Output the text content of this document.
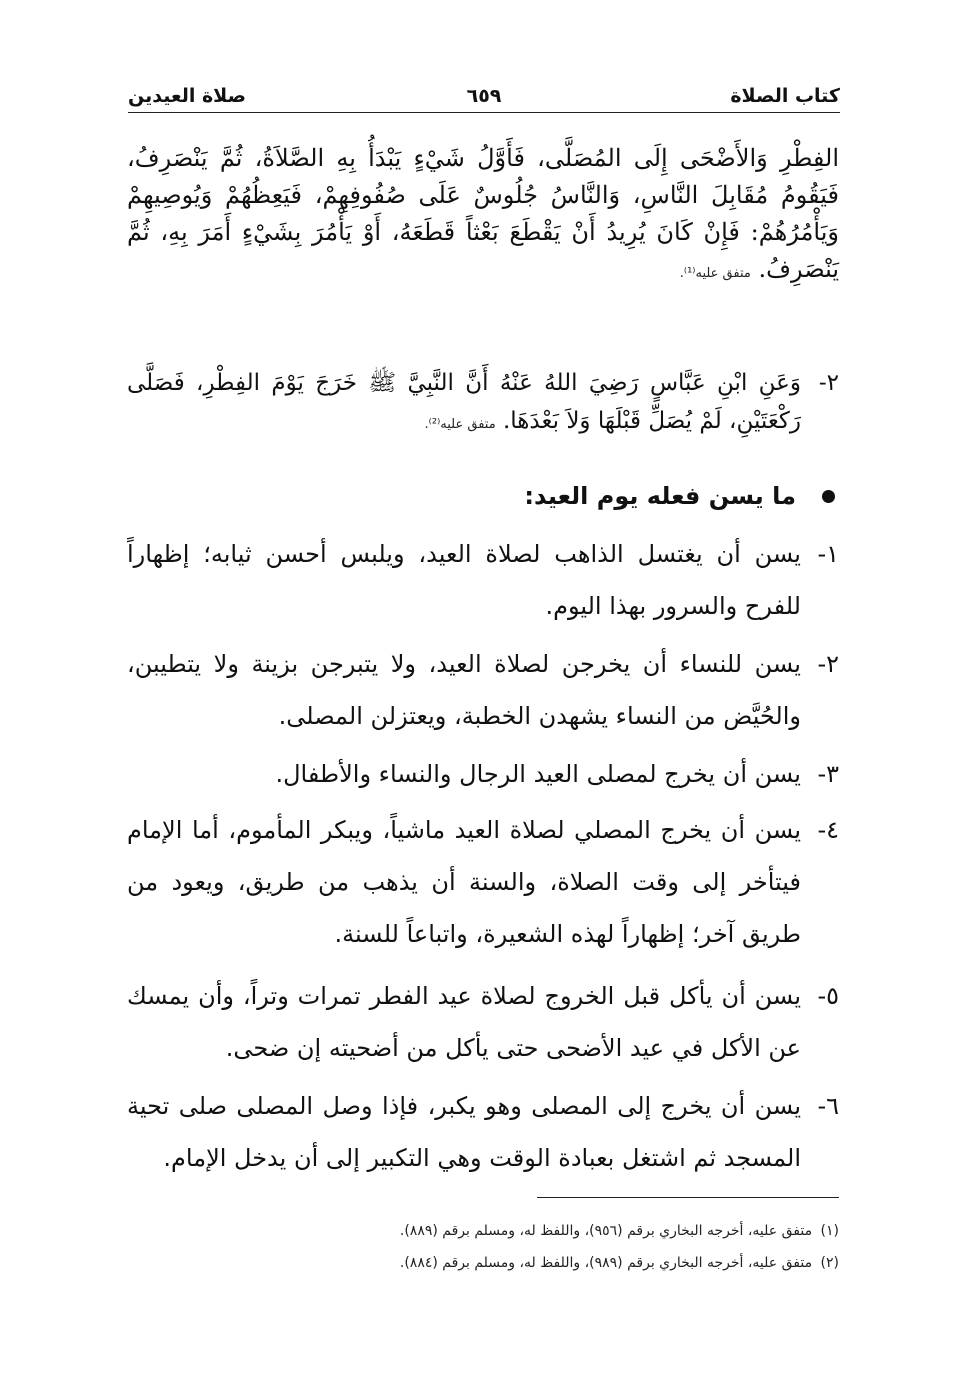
كتاب الصلاة
٦٥٩
صلاة العيدين
الفِطْرِ وَالأَضْحَى إِلَى المُصَلَّى، فَأَوَّلُ شَيْءٍ يَبْدَأُ بِهِ الصَّلاَةُ، ثُمَّ يَنْصَرِفُ، فَيَقُومُ مُقَابِلَ النَّاسِ، وَالنَّاسُ جُلُوسٌ عَلَى صُفُوفِهِمْ، فَيَعِظُهُمْ وَيُوصِيهِمْ وَيَأْمُرُهُمْ: فَإِنْ كَانَ يُرِيدُ أَنْ يَقْطَعَ بَعْثاً قَطَعَهُ، أَوْ يَأْمُرَ بِشَيْءٍ أَمَرَ بِهِ، ثُمَّ يَنْصَرِفُ. متفق عليه⁽¹⁾.
٢-
وَعَنِ ابْنِ عَبَّاسٍ رَضِيَ اللهُ عَنْهُ أَنَّ النَّبِيَّ ﷺ خَرَجَ يَوْمَ الفِطْرِ، فَصَلَّى رَكْعَتَيْنِ، لَمْ يُصَلِّ قَبْلَهَا وَلاَ بَعْدَهَا. متفق عليه⁽²⁾.
ما يسن فعله يوم العيد:
١-
يسن أن يغتسل الذاهب لصلاة العيد، ويلبس أحسن ثيابه؛ إظهاراً للفرح والسرور بهذا اليوم.
٢-
يسن للنساء أن يخرجن لصلاة العيد، ولا يتبرجن بزينة ولا يتطيبن، والحُيَّض من النساء يشهدن الخطبة، ويعتزلن المصلى.
٣-
يسن أن يخرج لمصلى العيد الرجال والنساء والأطفال.
٤-
يسن أن يخرج المصلي لصلاة العيد ماشياً، ويبكر المأموم، أما الإمام فيتأخر إلى وقت الصلاة، والسنة أن يذهب من طريق، ويعود من طريق آخر؛ إظهاراً لهذه الشعيرة، واتباعاً للسنة.
٥-
يسن أن يأكل قبل الخروج لصلاة عيد الفطر تمرات وتراً، وأن يمسك عن الأكل في عيد الأضحى حتى يأكل من أضحيته إن ضحى.
٦-
يسن أن يخرج إلى المصلى وهو يكبر، فإذا وصل المصلى صلى تحية المسجد ثم اشتغل بعبادة الوقت وهي التكبير إلى أن يدخل الإمام.
(١) متفق عليه، أخرجه البخاري برقم (٩٥٦)، واللفظ له، ومسلم برقم (٨٨٩).
(٢) متفق عليه، أخرجه البخاري برقم (٩٨٩)، واللفظ له، ومسلم برقم (٨٨٤).
